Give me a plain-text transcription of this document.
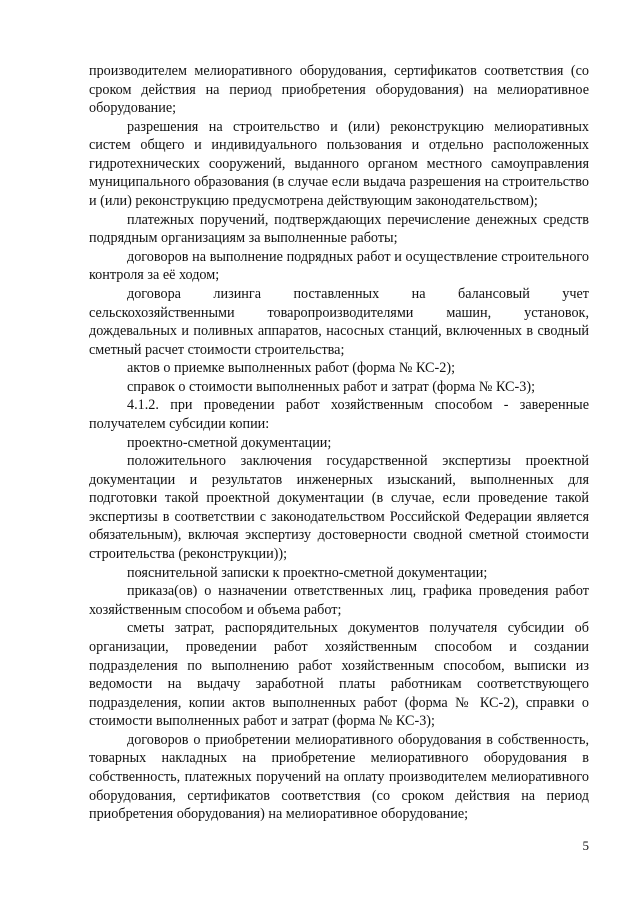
производителем мелиоративного оборудования, сертификатов соответствия (со сроком действия на период приобретения оборудования) на мелиоративное оборудование;

разрешения на строительство и (или) реконструкцию мелиоративных систем общего и индивидуального пользования и отдельно расположенных гидротехнических сооружений, выданного органом местного самоуправления муниципального образования (в случае если выдача разрешения на строительство и (или) реконструкцию предусмотрена действующим законодательством);

платежных поручений, подтверждающих перечисление денежных средств подрядным организациям за выполненные работы;

договоров на выполнение подрядных работ и осуществление строительного контроля за её ходом;

договора лизинга поставленных на балансовый учет сельскохозяйственными товаропроизводителями машин, установок, дождевальных и поливных аппаратов, насосных станций, включенных в сводный сметный расчет стоимости строительства;

актов о приемке выполненных работ (форма № КС-2);

справок о стоимости выполненных работ и затрат (форма № КС-3);

4.1.2. при проведении работ хозяйственным способом - заверенные получателем субсидии копии:

проектно-сметной документации;

положительного заключения государственной экспертизы проектной документации и результатов инженерных изысканий, выполненных для подготовки такой проектной документации (в случае, если проведение такой экспертизы в соответствии с законодательством Российской Федерации является обязательным), включая экспертизу достоверности сводной сметной стоимости строительства (реконструкции));

пояснительной записки к проектно-сметной документации;

приказа(ов) о назначении ответственных лиц, графика проведения работ хозяйственным способом и объема работ;

сметы затрат, распорядительных документов получателя субсидии об организации, проведении работ хозяйственным способом и создании подразделения по выполнению работ хозяйственным способом, выписки из ведомости на выдачу заработной платы работникам соответствующего подразделения, копии актов выполненных работ (форма № КС-2), справки о стоимости выполненных работ и затрат (форма № КС-3);

договоров о приобретении мелиоративного оборудования в собственность, товарных накладных на приобретение мелиоративного оборудования в собственность, платежных поручений на оплату производителем мелиоративного оборудования, сертификатов соответствия (со сроком действия на период приобретения оборудования) на мелиоративное оборудование;

5
